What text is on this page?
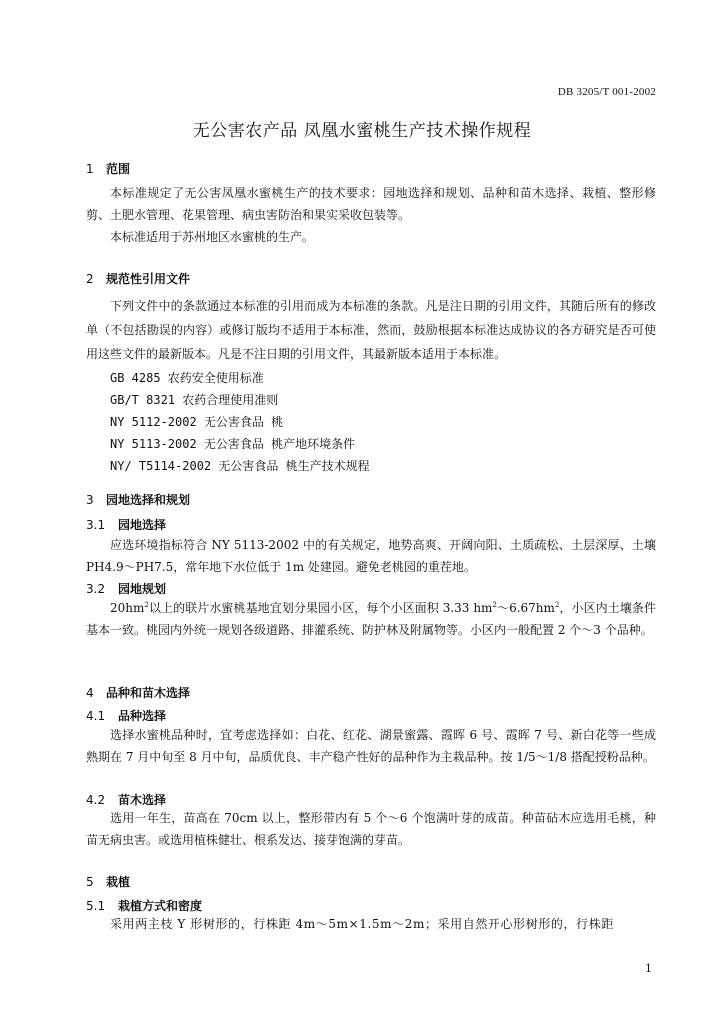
DB 3205/T 001-2002
无公害农产品 凤凰水蜜桃生产技术操作规程
1 范围
本标准规定了无公害凤凰水蜜桃生产的技术要求：园地选择和规划、品种和苗木选择、栽植、整形修剪、土肥水管理、花果管理、病虫害防治和果实采收包装等。
本标准适用于苏州地区水蜜桃的生产。
2 规范性引用文件
下列文件中的条款通过本标准的引用而成为本标准的条款。凡是注日期的引用文件，其随后所有的修改单（不包括勘误的内容）或修订版均不适用于本标准，然而，鼓励根据本标准达成协议的各方研究是否可使用这些文件的最新版本。凡是不注日期的引用文件，其最新版本适用于本标准。
GB 4285 农药安全使用标准
GB/T 8321 农药合理使用准则
NY 5112-2002 无公害食品 桃
NY 5113-2002 无公害食品 桃产地环境条件
NY/ T5114-2002 无公害食品 桃生产技术规程
3 园地选择和规划
3.1 园地选择
应选环境指标符合 NY 5113-2002 中的有关规定，地势高爽、开阔向阳、土质疏松、土层深厚、土壤PH4.9～PH7.5，常年地下水位低于 1m 处建园。避免老桃园的重茬地。
3.2 园地规划
$20hm^2$以上的联片水蜜桃基地宜划分果园小区，每个小区面积 3.33 $hm^2\sim 6.67hm^2$，小区内土壤条件基本一致。桃园内外统一规划各级道路、排灌系统、防护林及附属物等。小区内一般配置 2 个～3 个品种。
4 品种和苗木选择
4.1 品种选择
选择水蜜桃品种时，宜考虑选择如：白花、红花、湖景蜜露、霞晖 6 号、霞晖 7 号、新白花等一些成熟期在 7 月中旬至 8 月中旬，品质优良、丰产稳产性好的品种作为主栽品种。按 1/5～1/8 搭配授粉品种。
4.2 苗木选择
选用一年生，苗高在 70cm 以上，整形带内有 5 个～6 个饱满叶芽的成苗。种苗砧木应选用毛桃，种苗无病虫害。或选用植株健壮、根系发达、接芽饱满的芽苗。
5 栽植
5.1 栽植方式和密度
采用两主枝 Y 形树形的，行株距 4m～5m×1.5m～2m；采用自然开心形树形的，行株距
1
